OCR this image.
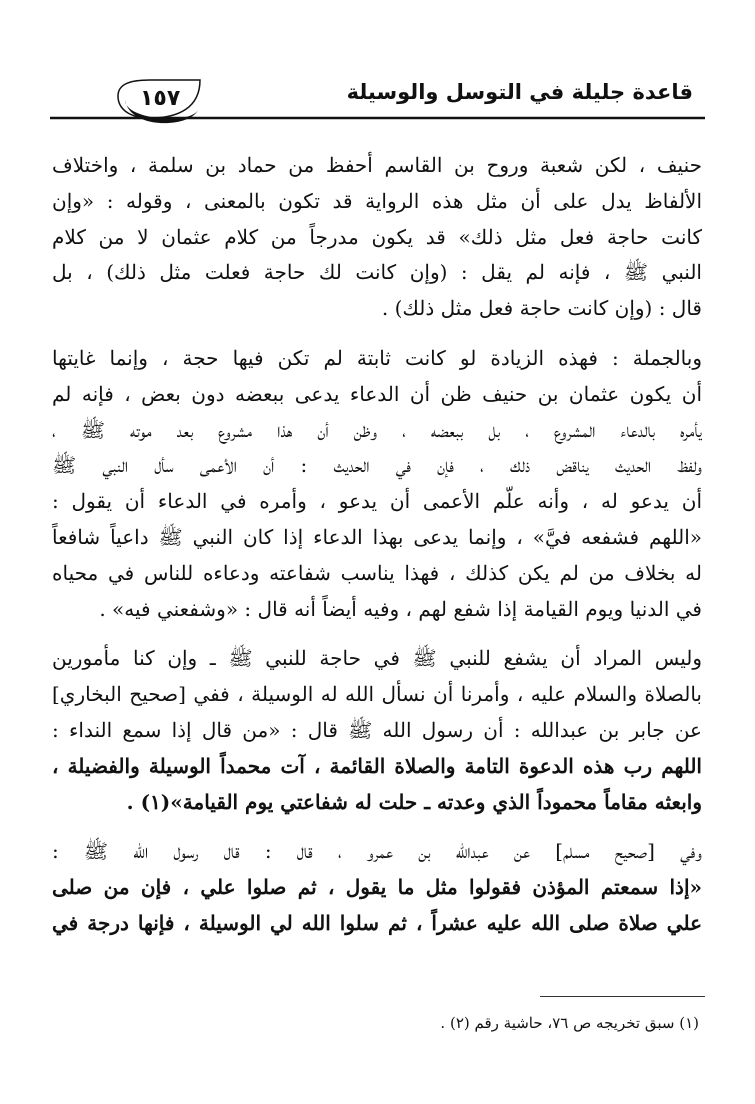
قاعدة جليلة في التوسل والوسيلة
١٥٧

حنيف ، لكن شعبة وروح بن القاسم أحفظ من حماد بن سلمة ، واختلاف
الألفاظ يدل على أن مثل هذه الرواية قد تكون بالمعنى ، وقوله : «وإن
كانت حاجة فعل مثل ذلك» قد يكون مدرجاً من كلام عثمان لا من كلام
النبي ﷺ ، فإنه لم يقل : (وإن كانت لك حاجة فعلت مثل ذلك) ، بل
قال : (وإن كانت حاجة فعل مثل ذلك) .

وبالجملة : فهذه الزيادة لو كانت ثابتة لم تكن فيها حجة ، وإنما غايتها
أن يكون عثمان بن حنيف ظن أن الدعاء يدعى ببعضه دون بعض ، فإنه لم
يأمره بالدعاء المشروع ، بل ببعضه ، وظن أن هذا مشروع بعد موته ﷺ ،
ولفظ الحديث يناقض ذلك ، فإن في الحديث : أن الأعمى سأل النبي ﷺ
أن يدعو له ، وأنه علّم الأعمى أن يدعو ، وأمره في الدعاء أن يقول :
«اللهم فشفعه فيَّ» ، وإنما يدعى بهذا الدعاء إذا كان النبي ﷺ داعياً شافعاً
له بخلاف من لم يكن كذلك ، فهذا يناسب شفاعته ودعاءه للناس في محياه
في الدنيا ويوم القيامة إذا شفع لهم ، وفيه أيضاً أنه قال : «وشفعني فيه» .

وليس المراد أن يشفع للنبي ﷺ في حاجة للنبي ﷺ ـ وإن كنا مأمورين
بالصلاة والسلام عليه ، وأمرنا أن نسأل الله له الوسيلة ، ففي [صحيح البخاري]
عن جابر بن عبدالله : أن رسول الله ﷺ قال : «من قال إذا سمع النداء :
اللهم رب هذه الدعوة التامة والصلاة القائمة ، آت محمداً الوسيلة والفضيلة ،
وابعثه مقاماً محموداً الذي وعدته ـ حلت له شفاعتي يوم القيامة»(١) .

وفي [صحيح مسلم] عن عبدالله بن عمرو ، قال : قال رسول الله ﷺ :
«إذا سمعتم المؤذن فقولوا مثل ما يقول ، ثم صلوا علي ، فإن من صلى
علي صلاة صلى الله عليه عشراً ، ثم سلوا الله لي الوسيلة ، فإنها درجة في

(١) سبق تخريجه ص ٧٦، حاشية رقم (٢) .
